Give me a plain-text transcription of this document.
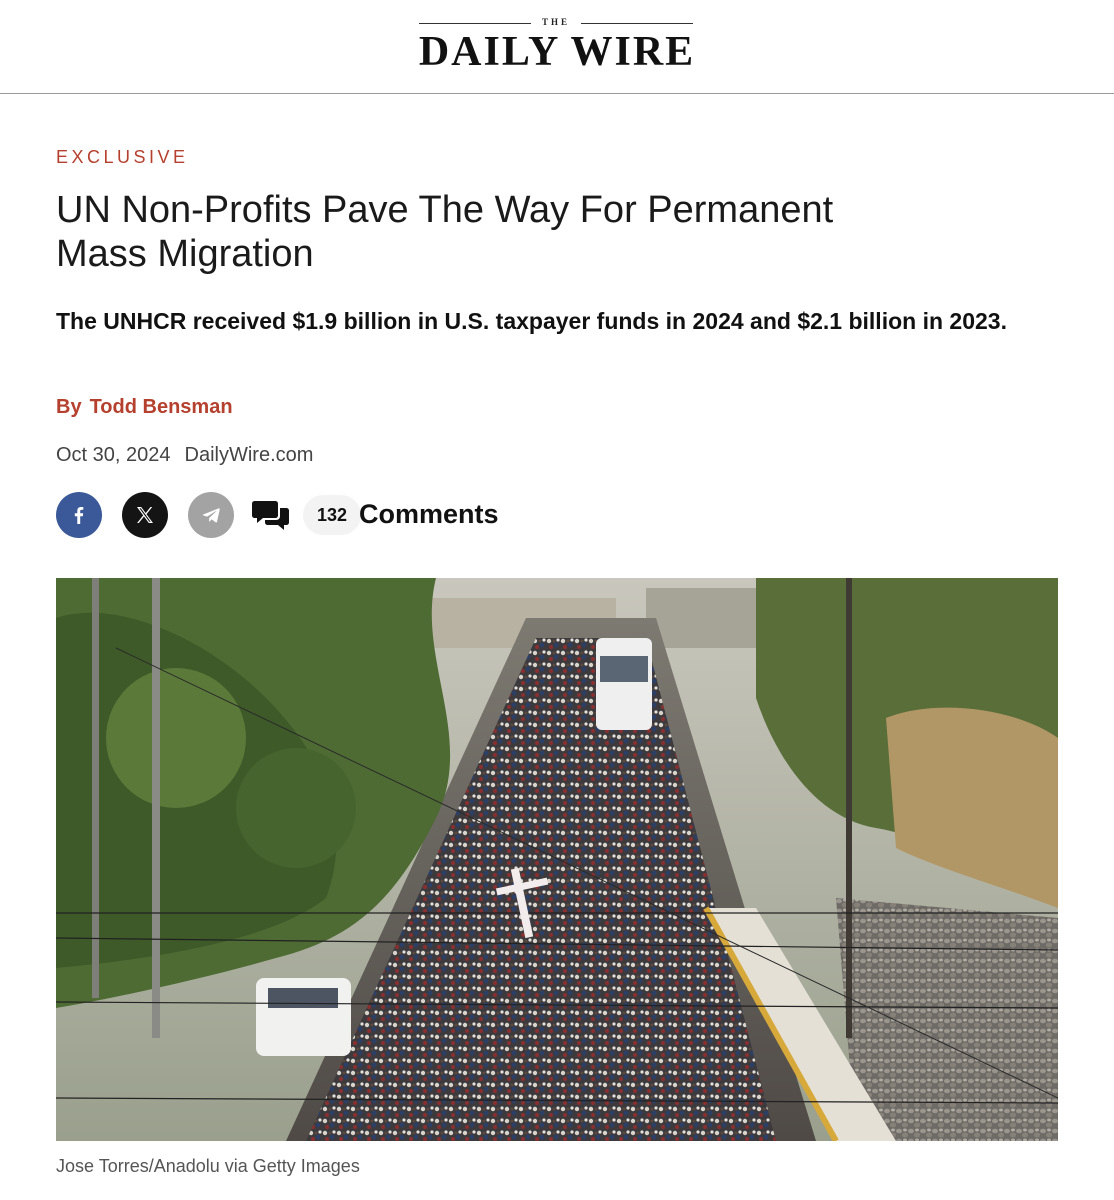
THE
DAILY WIRE
EXCLUSIVE
UN Non-Profits Pave The Way For Permanent
Mass Migration

The UNHCR received $1.9 billion in U.S. taxpayer funds in 2024 and $2.1 billion in 2023.

By Todd Bensman
Oct 30, 2024 DailyWire.com
132 Comments
Jose Torres/Anadolu via Getty Images
